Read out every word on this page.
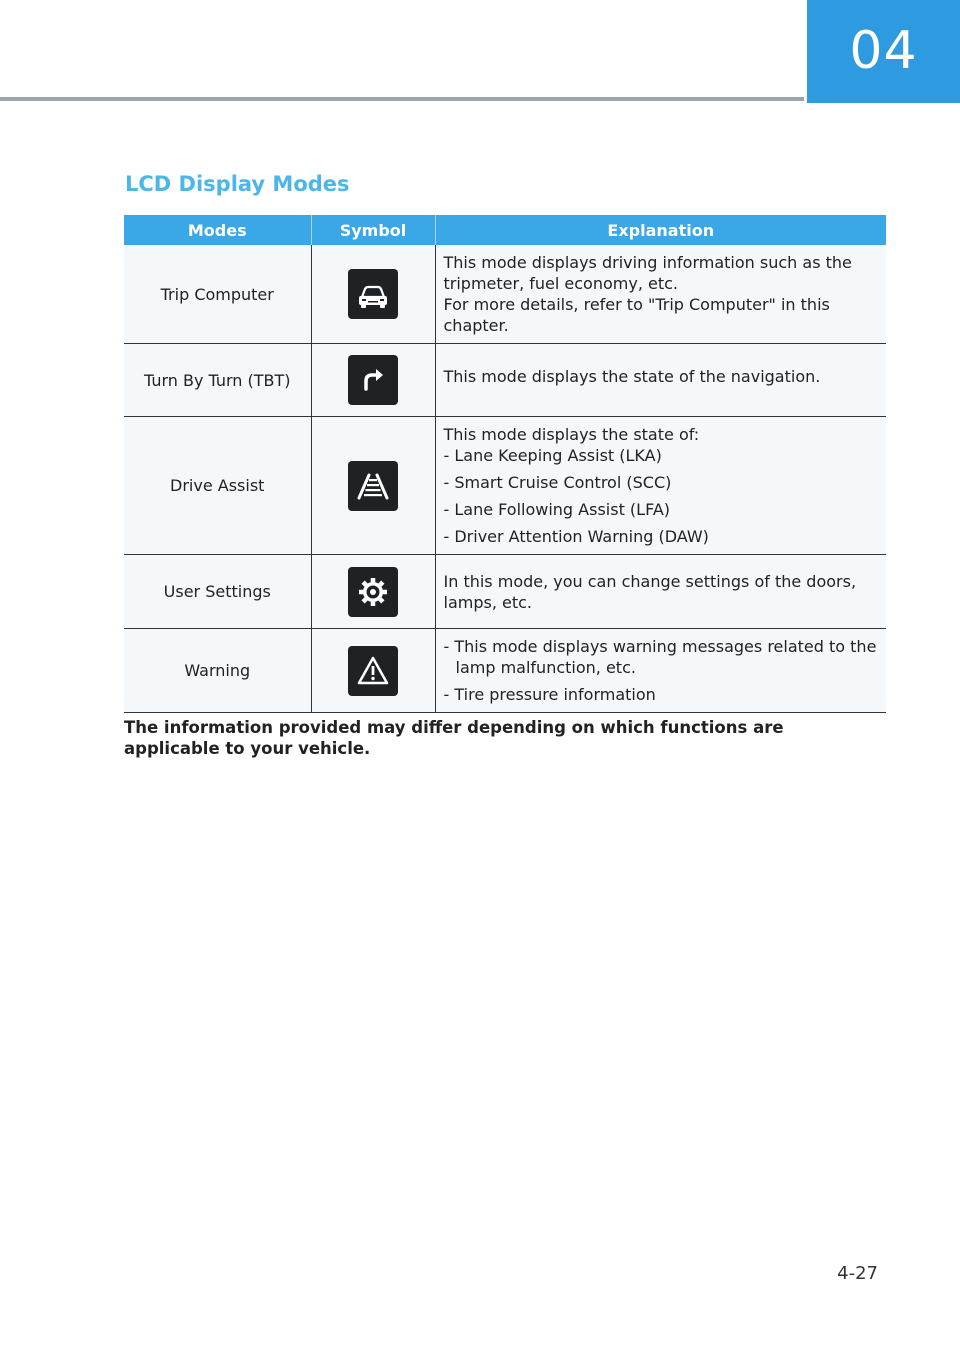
04
LCD Display Modes
Modes	Symbol	Explanation
Trip Computer		This mode displays driving information such as the tripmeter, fuel economy, etc.
For more details, refer to "Trip Computer" in this chapter.

Turn By Turn (TBT)		This mode displays the state of the navigation.

Drive Assist		This mode displays the state of:
- Lane Keeping Assist (LKA)
- Smart Cruise Control (SCC)
- Lane Following Assist (LFA)
- Driver Attention Warning (DAW)

User Settings		In this mode, you can change settings of the doors, lamps, etc.

Warning		- This mode displays warning messages related to the lamp malfunction, etc.
- Tire pressure information
The information provided may differ depending on which functions are applicable to your vehicle.
4-27
